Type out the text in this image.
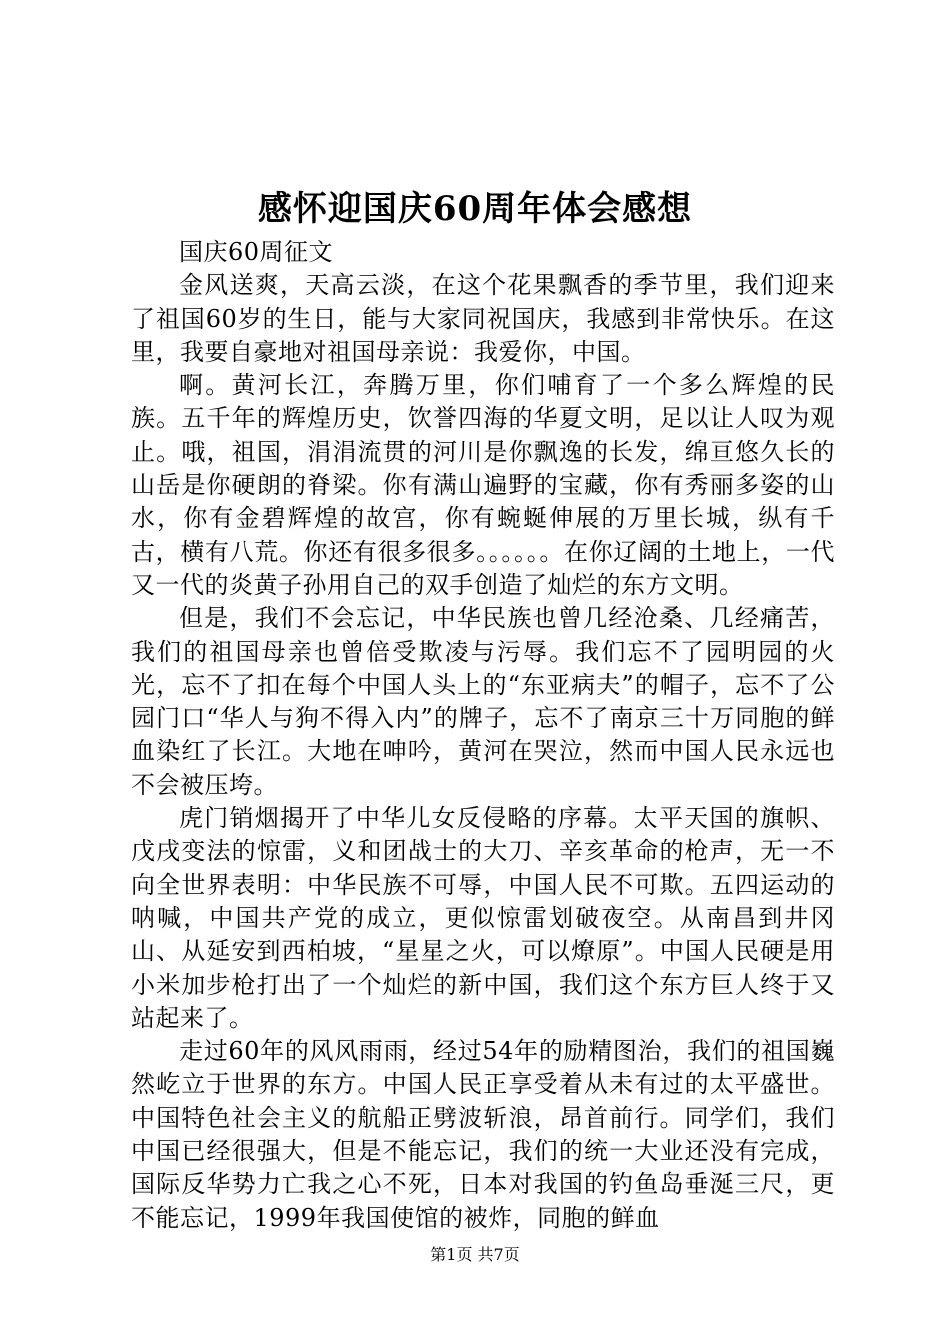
感怀迎国庆60周年体会感想

国庆60周征文

金风送爽，天高云淡，在这个花果飘香的季节里，我们迎来了祖国60岁的生日，能与大家同祝国庆，我感到非常快乐。在这里，我要自豪地对祖国母亲说：我爱你，中国。

啊。黄河长江，奔腾万里，你们哺育了一个多么辉煌的民族。五千年的辉煌历史，饮誉四海的华夏文明，足以让人叹为观止。哦，祖国，涓涓流贯的河川是你飘逸的长发，绵亘悠久长的山岳是你硬朗的脊梁。你有满山遍野的宝藏，你有秀丽多姿的山水，你有金碧辉煌的故宫，你有蜿蜒伸展的万里长城，纵有千古，横有八荒。你还有很多很多。。。。。。在你辽阔的土地上，一代又一代的炎黄子孙用自己的双手创造了灿烂的东方文明。

但是，我们不会忘记，中华民族也曾几经沧桑、几经痛苦，我们的祖国母亲也曾倍受欺凌与污辱。我们忘不了园明园的火光，忘不了扣在每个中国人头上的“东亚病夫”的帽子，忘不了公园门口“华人与狗不得入内”的牌子，忘不了南京三十万同胞的鲜血染红了长江。大地在呻吟，黄河在哭泣，然而中国人民永远也不会被压垮。

虎门销烟揭开了中华儿女反侵略的序幕。太平天国的旗帜、戊戌变法的惊雷，义和团战士的大刀、辛亥革命的枪声，无一不向全世界表明：中华民族不可辱，中国人民不可欺。五四运动的呐喊，中国共产党的成立，更似惊雷划破夜空。从南昌到井冈山、从延安到西柏坡，“星星之火，可以燎原”。中国人民硬是用小米加步枪打出了一个灿烂的新中国，我们这个东方巨人终于又站起来了。

走过60年的风风雨雨，经过54年的励精图治，我们的祖国巍然屹立于世界的东方。中国人民正享受着从未有过的太平盛世。中国特色社会主义的航船正劈波斩浪，昂首前行。同学们，我们中国已经很强大，但是不能忘记，我们的统一大业还没有完成，国际反华势力亡我之心不死，日本对我国的钓鱼岛垂涎三尺，更不能忘记，1999年我国使馆的被炸，同胞的鲜血

第1页 共7页
